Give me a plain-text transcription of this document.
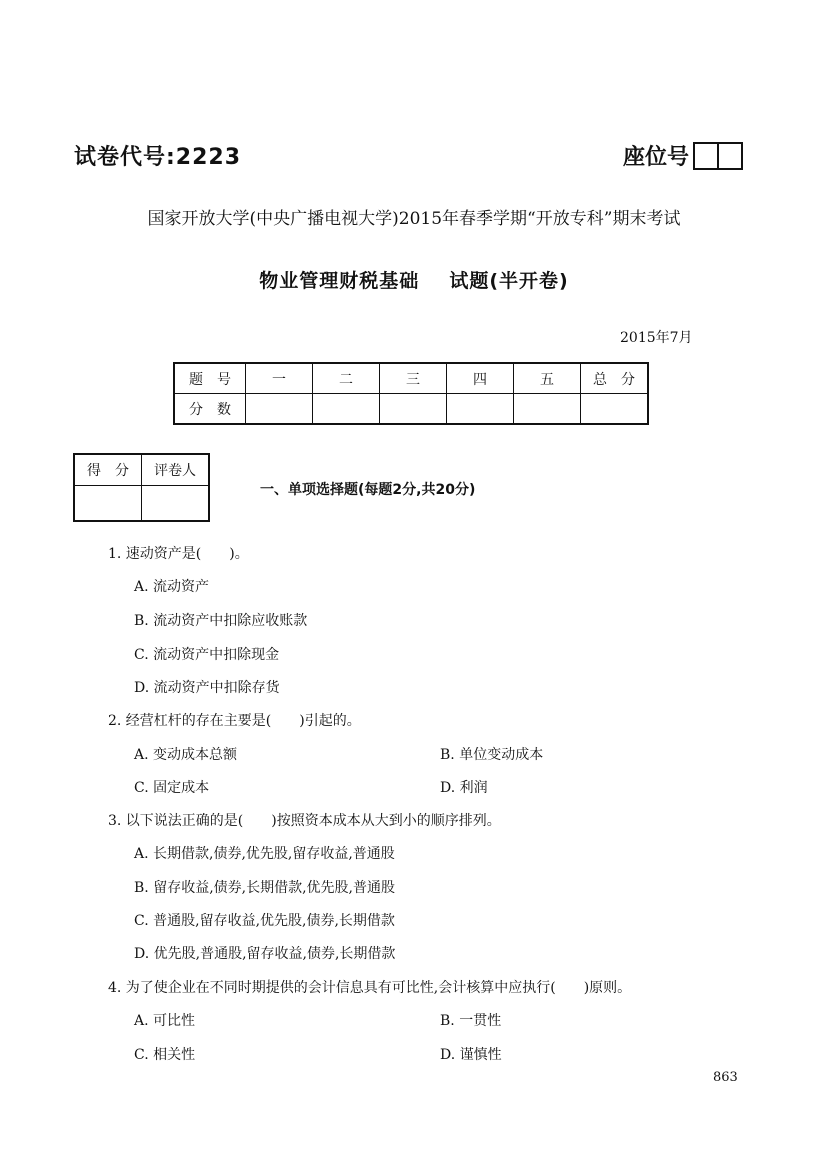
试卷代号:2223	座位号
国家开放大学(中央广播电视大学)2015年春季学期“开放专科”期末考试
物业管理财税基础 试题(半开卷)
2015年7月
题　号	一	二	三	四	五	总　分
分　数						
得　分	评卷人

一、单项选择题(每题2分,共20分)
1. 速动资产是(　　)。
A. 流动资产
B. 流动资产中扣除应收账款
C. 流动资产中扣除现金
D. 流动资产中扣除存货
2. 经营杠杆的存在主要是(　　)引起的。
A. 变动成本总额	B. 单位变动成本
C. 固定成本	D. 利润
3. 以下说法正确的是(　　)按照资本成本从大到小的顺序排列。
A. 长期借款,债券,优先股,留存收益,普通股
B. 留存收益,债券,长期借款,优先股,普通股
C. 普通股,留存收益,优先股,债券,长期借款
D. 优先股,普通股,留存收益,债券,长期借款
4. 为了使企业在不同时期提供的会计信息具有可比性,会计核算中应执行(　　)原则。
A. 可比性	B. 一贯性
C. 相关性	D. 谨慎性
863
